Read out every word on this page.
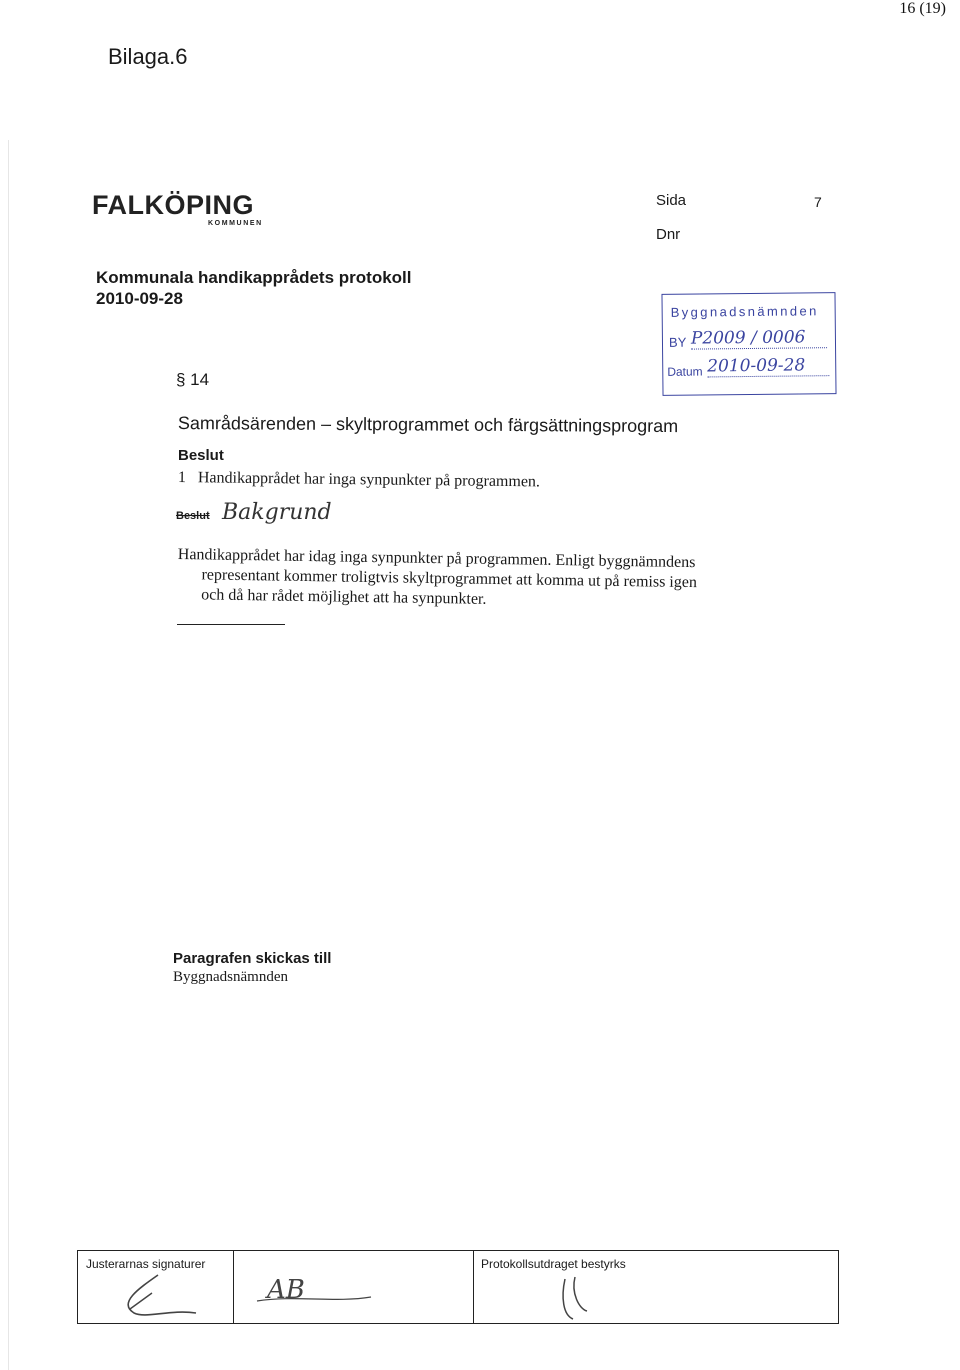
16 (19)
Bilaga.6
FALKÖPING
KOMMUNEN
Sida	7
Dnr
Kommunala handikapprådets protokoll
2010-09-28
Byggnadsnämnden
BY P2009 / 0006
Datum 2010-09-28
§ 14
Samrådsärenden – skyltprogrammet och färgsättningsprogram
Beslut
1 Handikapprådet har inga synpunkter på programmen.
Beslut Bakgrund
Handikapprådet har idag inga synpunkter på programmen. Enligt byggnämndens
representant kommer troligtvis skyltprogrammet att komma ut på remiss igen
och då har rådet möjlighet att ha synpunkter.
Paragrafen skickas till
Byggnadsnämnden
Justerarnas signaturer
AB
Protokollsutdraget bestyrks
